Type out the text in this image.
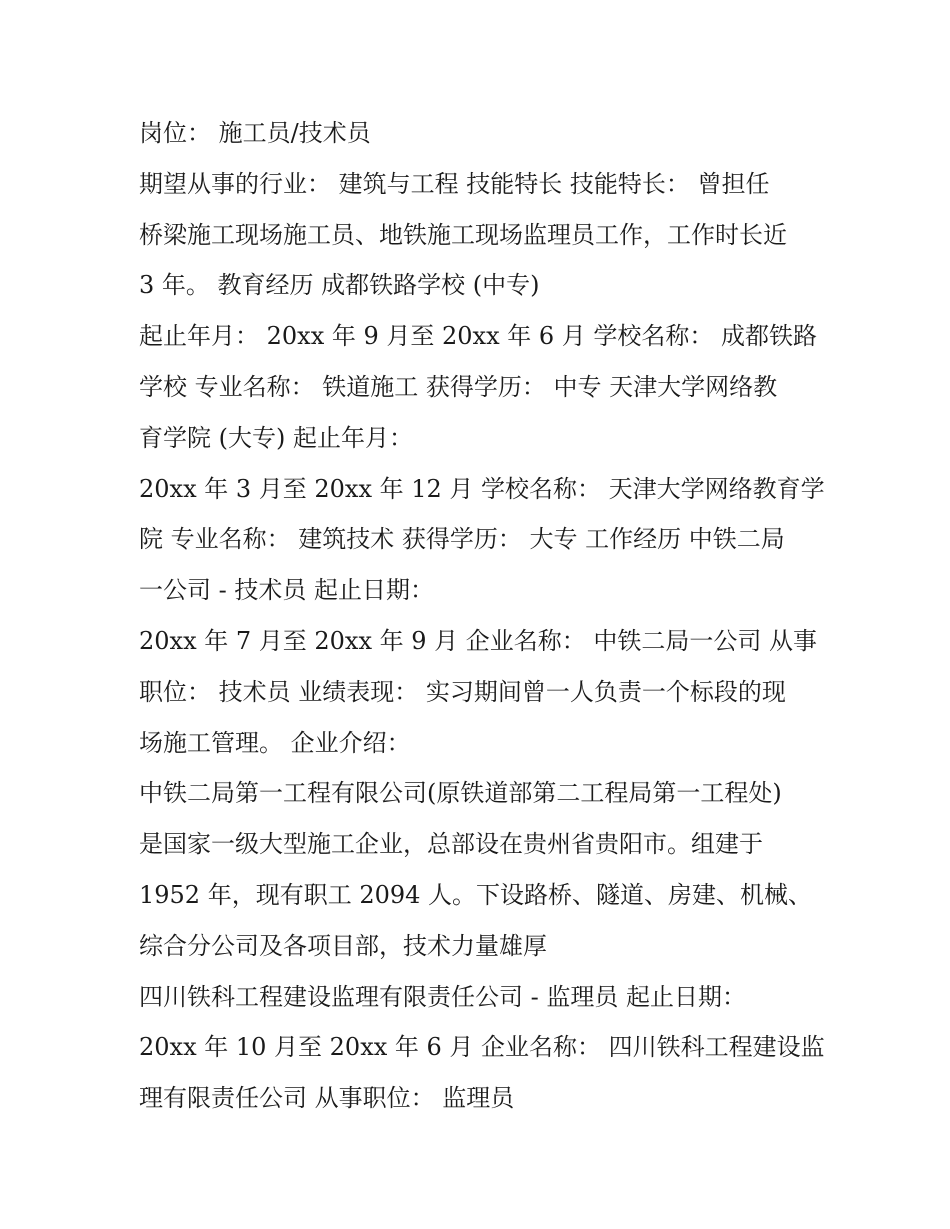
岗位： 施工员/技术员
期望从事的行业： 建筑与工程 技能特长 技能特长： 曾担任
桥梁施工现场施工员、地铁施工现场监理员工作，工作时长近
3 年。 教育经历 成都铁路学校 (中专)
起止年月： 20xx 年 9 月至 20xx 年 6 月 学校名称： 成都铁路
学校 专业名称： 铁道施工 获得学历： 中专 天津大学网络教
育学院 (大专) 起止年月：
20xx 年 3 月至 20xx 年 12 月 学校名称： 天津大学网络教育学
院 专业名称： 建筑技术 获得学历： 大专 工作经历 中铁二局
一公司 - 技术员 起止日期：
20xx 年 7 月至 20xx 年 9 月 企业名称： 中铁二局一公司 从事
职位： 技术员 业绩表现： 实习期间曾一人负责一个标段的现
场施工管理。 企业介绍：
中铁二局第一工程有限公司(原铁道部第二工程局第一工程处)
是国家一级大型施工企业，总部设在贵州省贵阳市。组建于
1952 年，现有职工 2094 人。下设路桥、隧道、房建、机械、
综合分公司及各项目部，技术力量雄厚
四川铁科工程建设监理有限责任公司 - 监理员 起止日期：
20xx 年 10 月至 20xx 年 6 月 企业名称： 四川铁科工程建设监
理有限责任公司 从事职位： 监理员
